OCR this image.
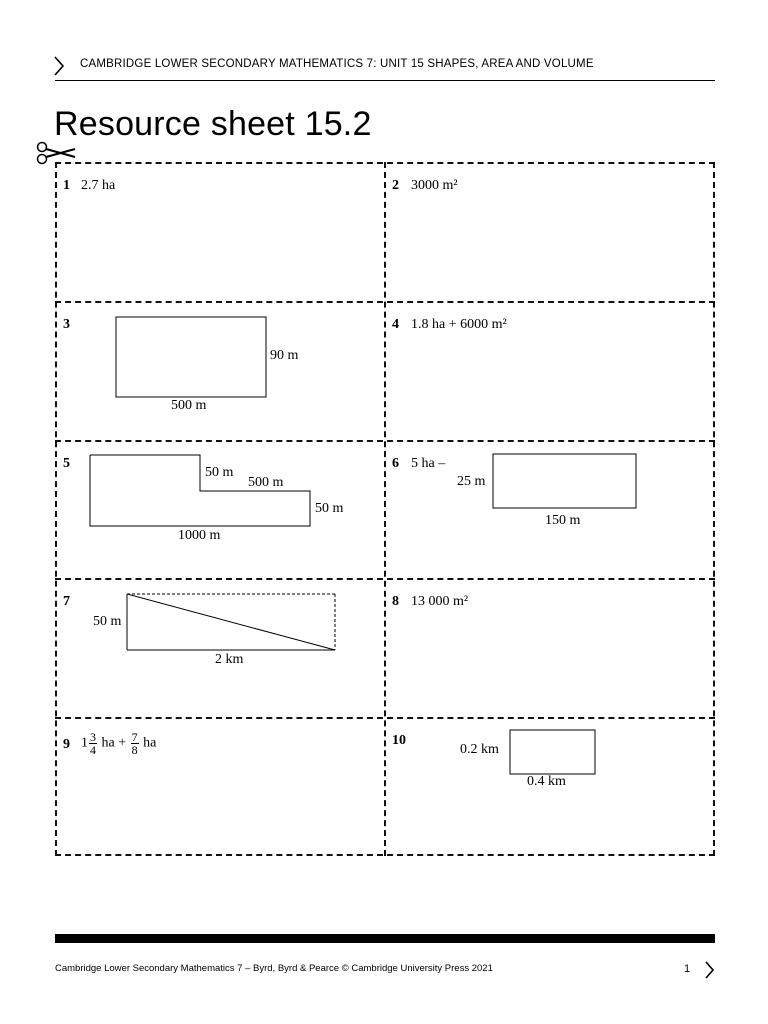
CAMBRIDGE LOWER SECONDARY MATHEMATICS 7: UNIT 15 SHAPES, AREA AND VOLUME
Resource sheet 15.2
1 2.7 ha	2 3000 m²
3
90 m
500 m
4 1.8 ha + 6000 m²
5
50 m
500 m
50 m
1000 m
6 5 ha –
25 m
150 m
7
50 m
2 km
8 13 000 m²
9 $1 \frac{3}{4}$ ha + $\frac{7}{8}$ ha	10
0.2 km
0.4 km
Cambridge Lower Secondary Mathematics 7 – Byrd, Byrd & Pearce © Cambridge University Press 2021	1
